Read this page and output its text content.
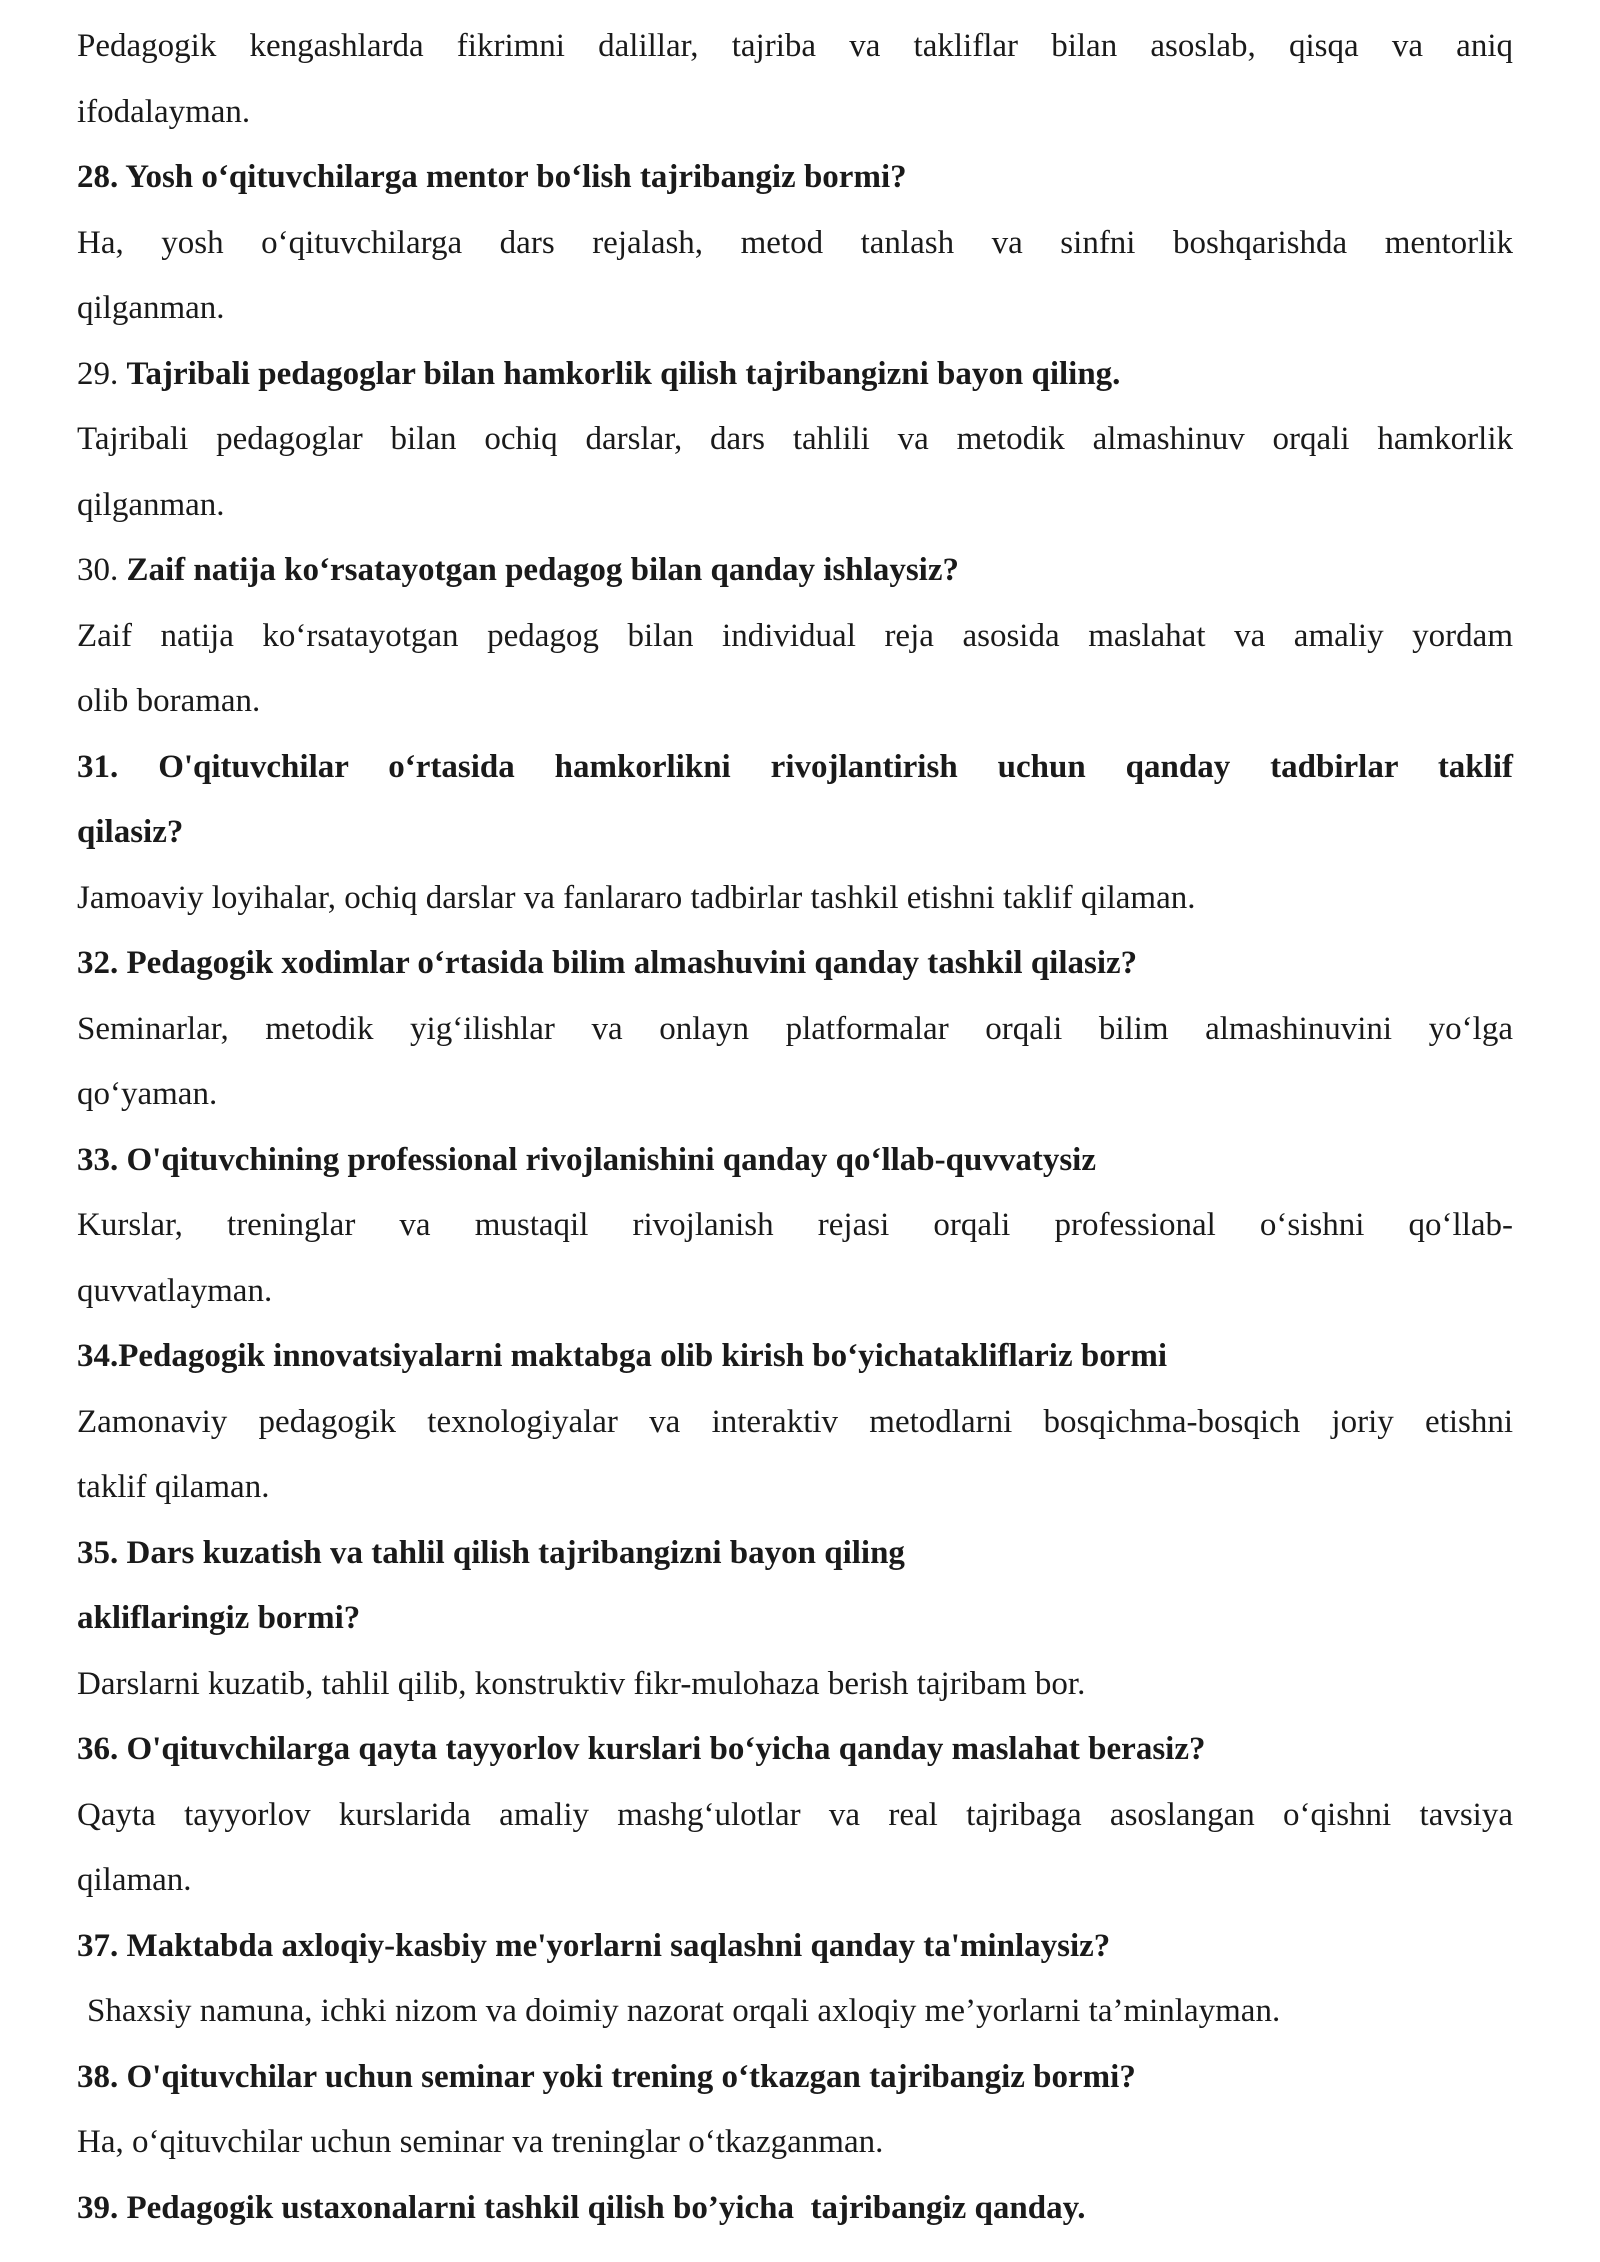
Pedagogik kengashlarda fikrimni dalillar, tajriba va takliflar bilan asoslab, qisqa va aniq
ifodalayman.
28. Yosh o‘qituvchilarga mentor bo‘lish tajribangiz bormi?
Ha, yosh o‘qituvchilarga dars rejalash, metod tanlash va sinfni boshqarishda mentorlik
qilganman.
29. Tajribali pedagoglar bilan hamkorlik qilish tajribangizni bayon qiling.
Tajribali pedagoglar bilan ochiq darslar, dars tahlili va metodik almashinuv orqali hamkorlik
qilganman.
30. Zaif natija ko‘rsatayotgan pedagog bilan qanday ishlaysiz?
Zaif natija ko‘rsatayotgan pedagog bilan individual reja asosida maslahat va amaliy yordam
olib boraman.
31. O'qituvchilar o‘rtasida hamkorlikni rivojlantirish uchun qanday tadbirlar taklif
qilasiz?
Jamoaviy loyihalar, ochiq darslar va fanlararo tadbirlar tashkil etishni taklif qilaman.
32. Pedagogik xodimlar o‘rtasida bilim almashuvini qanday tashkil qilasiz?
Seminarlar, metodik yig‘ilishlar va onlayn platformalar orqali bilim almashinuvini yo‘lga
qo‘yaman.
33. O'qituvchining professional rivojlanishini qanday qo‘llab-quvvatysiz
Kurslar, treninglar va mustaqil rivojlanish rejasi orqali professional o‘sishni qo‘llab-
quvvatlayman.
34.Pedagogik innovatsiyalarni maktabga olib kirish bo‘yichatakliflariz bormi
Zamonaviy pedagogik texnologiyalar va interaktiv metodlarni bosqichma-bosqich joriy etishni
taklif qilaman.
35. Dars kuzatish va tahlil qilish tajribangizni bayon qiling
akliflaringiz bormi?
Darslarni kuzatib, tahlil qilib, konstruktiv fikr-mulohaza berish tajribam bor.
36. O'qituvchilarga qayta tayyorlov kurslari bo‘yicha qanday maslahat berasiz?
Qayta tayyorlov kurslarida amaliy mashg‘ulotlar va real tajribaga asoslangan o‘qishni tavsiya
qilaman.
37. Maktabda axloqiy-kasbiy me'yorlarni saqlashni qanday ta'minlaysiz?
Shaxsiy namuna, ichki nizom va doimiy nazorat orqali axloqiy me’yorlarni ta’minlayman.
38. O'qituvchilar uchun seminar yoki trening o‘tkazgan tajribangiz bormi?
Ha, o‘qituvchilar uchun seminar va treninglar o‘tkazganman.
39. Pedagogik ustaxonalarni tashkil qilish bo’yicha  tajribangiz qanday.
